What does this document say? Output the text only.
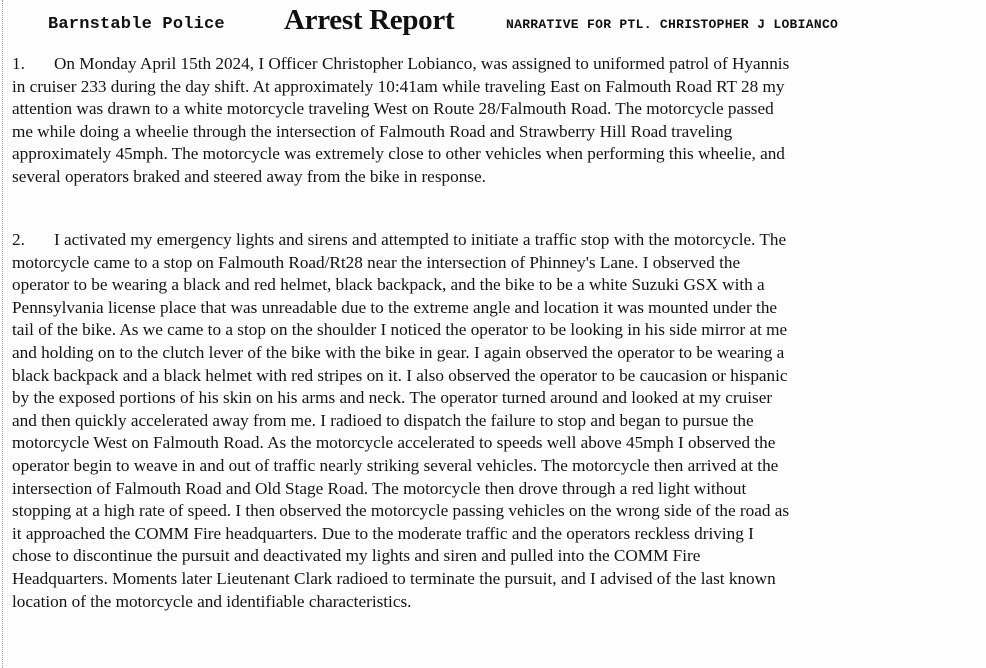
Barnstable Police Arrest Report	NARRATIVE FOR PTL. CHRISTOPHER J LOBIANCO
1. On Monday April 15th 2024, I Officer Christopher Lobianco, was assigned to uniformed patrol of Hyannis
in cruiser 233 during the day shift. At approximately 10:41am while traveling East on Falmouth Road RT 28 my
attention was drawn to a white motorcycle traveling West on Route 28/Falmouth Road. The motorcycle passed
me while doing a wheelie through the intersection of Falmouth Road and Strawberry Hill Road traveling
approximately 45mph. The motorcycle was extremely close to other vehicles when performing this wheelie, and
several operators braked and steered away from the bike in response.
2. I activated my emergency lights and sirens and attempted to initiate a traffic stop with the motorcycle. The
motorcycle came to a stop on Falmouth Road/Rt28 near the intersection of Phinney's Lane. I observed the
operator to be wearing a black and red helmet, black backpack, and the bike to be a white Suzuki GSX with a
Pennsylvania license place that was unreadable due to the extreme angle and location it was mounted under the
tail of the bike. As we came to a stop on the shoulder I noticed the operator to be looking in his side mirror at me
and holding on to the clutch lever of the bike with the bike in gear. I again observed the operator to be wearing a
black backpack and a black helmet with red stripes on it. I also observed the operator to be caucasion or hispanic
by the exposed portions of his skin on his arms and neck. The operator turned around and looked at my cruiser
and then quickly accelerated away from me. I radioed to dispatch the failure to stop and began to pursue the
motorcycle West on Falmouth Road. As the motorcycle accelerated to speeds well above 45mph I observed the
operator begin to weave in and out of traffic nearly striking several vehicles. The motorcycle then arrived at the
intersection of Falmouth Road and Old Stage Road. The motorcycle then drove through a red light without
stopping at a high rate of speed. I then observed the motorcycle passing vehicles on the wrong side of the road as
it approached the COMM Fire headquarters. Due to the moderate traffic and the operators reckless driving I
chose to discontinue the pursuit and deactivated my lights and siren and pulled into the COMM Fire
Headquarters. Moments later Lieutenant Clark radioed to terminate the pursuit, and I advised of the last known
location of the motorcycle and identifiable characteristics.
